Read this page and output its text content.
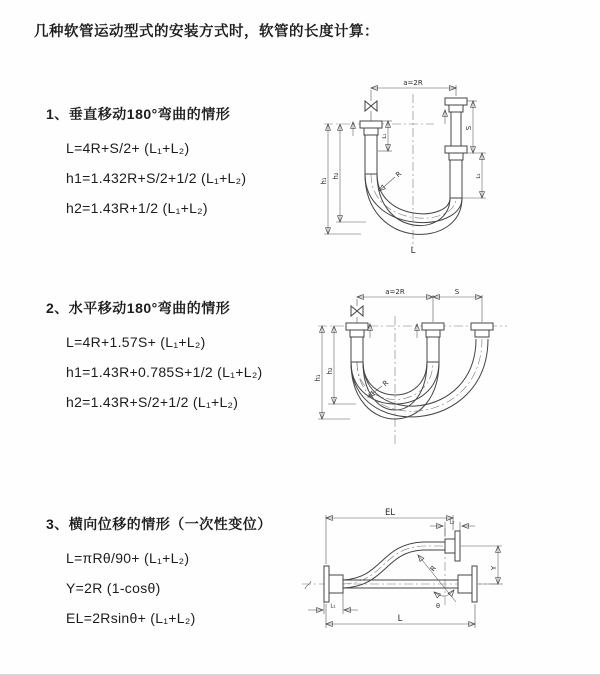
几种软管运动型式的安装方式时，软管的长度计算：
1、垂直移动180°弯曲的情形
L=4R+S/2+ (L₁+L₂)
h1=1.432R+S/2+1/2 (L₁+L₂)
h2=1.43R+1/2 (L₁+L₂)
2、水平移动180°弯曲的情形
L=4R+1.57S+ (L₁+L₂)
h1=1.43R+0.785S+1/2 (L₁+L₂)
h2=1.43R+S/2+1/2 (L₁+L₂)
3、横向位移的情形（一次性变位）
L=πRθ/90+ (L₁+L₂)
Y=2R (1-cosθ)
EL=2Rsinθ+ (L₁+L₂)
a=2R
h₁
h₂
L₁
S
L₂
R
L
a=2R	S
h₁
h₂
R
R
θ
EL
L₂
Y
L
L₁
